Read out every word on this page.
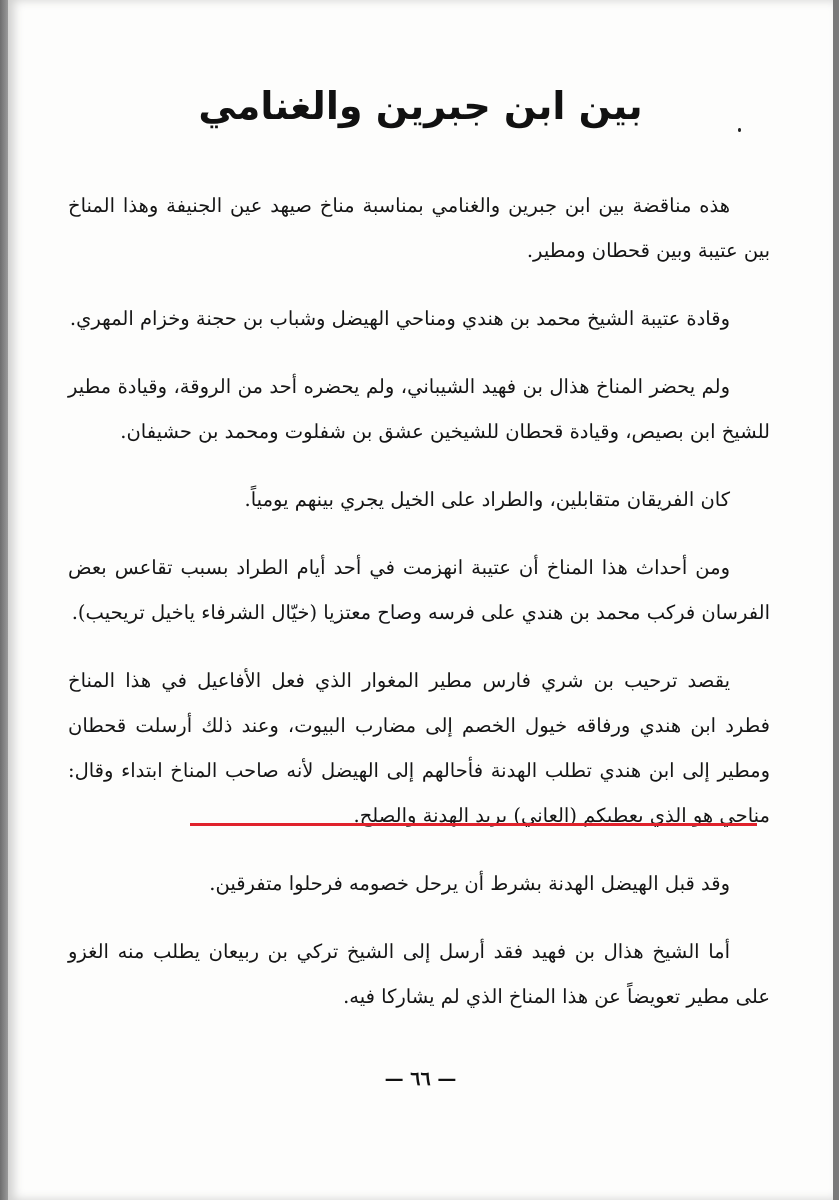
بين ابن جبرين والغنامي

هذه مناقضة بين ابن جبرين والغنامي بمناسبة مناخ صيهد عين الجنيفة وهذا المناخ بين عتيبة وبين قحطان ومطير.

وقادة عتيبة الشيخ محمد بن هندي ومناحي الهيضل وشباب بن حجنة وخزام المهري.

ولم يحضر المناخ هذال بن فهيد الشيباني، ولم يحضره أحد من الروقة، وقيادة مطير للشيخ ابن بصيص، وقيادة قحطان للشيخين عشق بن شفلوت ومحمد بن حشيفان.

كان الفريقان متقابلين، والطراد على الخيل يجري بينهم يومياً.

ومن أحداث هذا المناخ أن عتيبة انهزمت في أحد أيام الطراد بسبب تقاعس بعض الفرسان فركب محمد بن هندي على فرسه وصاح معتزيا (خيّال الشرفاء ياخيل تريحيب).

يقصد ترحيب بن شري فارس مطير المغوار الذي فعل الأفاعيل في هذا المناخ فطرد ابن هندي ورفاقه خيول الخصم إلى مضارب البيوت، وعند ذلك أرسلت قحطان ومطير إلى ابن هندي تطلب الهدنة فأحالهم إلى الهيضل لأنه صاحب المناخ ابتداء وقال: مناحي هو الذي يعطيكم (العاني) يريد الهدنة والصلح.

وقد قبل الهيضل الهدنة بشرط أن يرحل خصومه فرحلوا متفرقين.

أما الشيخ هذال بن فهيد فقد أرسل إلى الشيخ تركي بن ربيعان يطلب منه الغزو على مطير تعويضاً عن هذا المناخ الذي لم يشاركا فيه.

— ٦٦ —
